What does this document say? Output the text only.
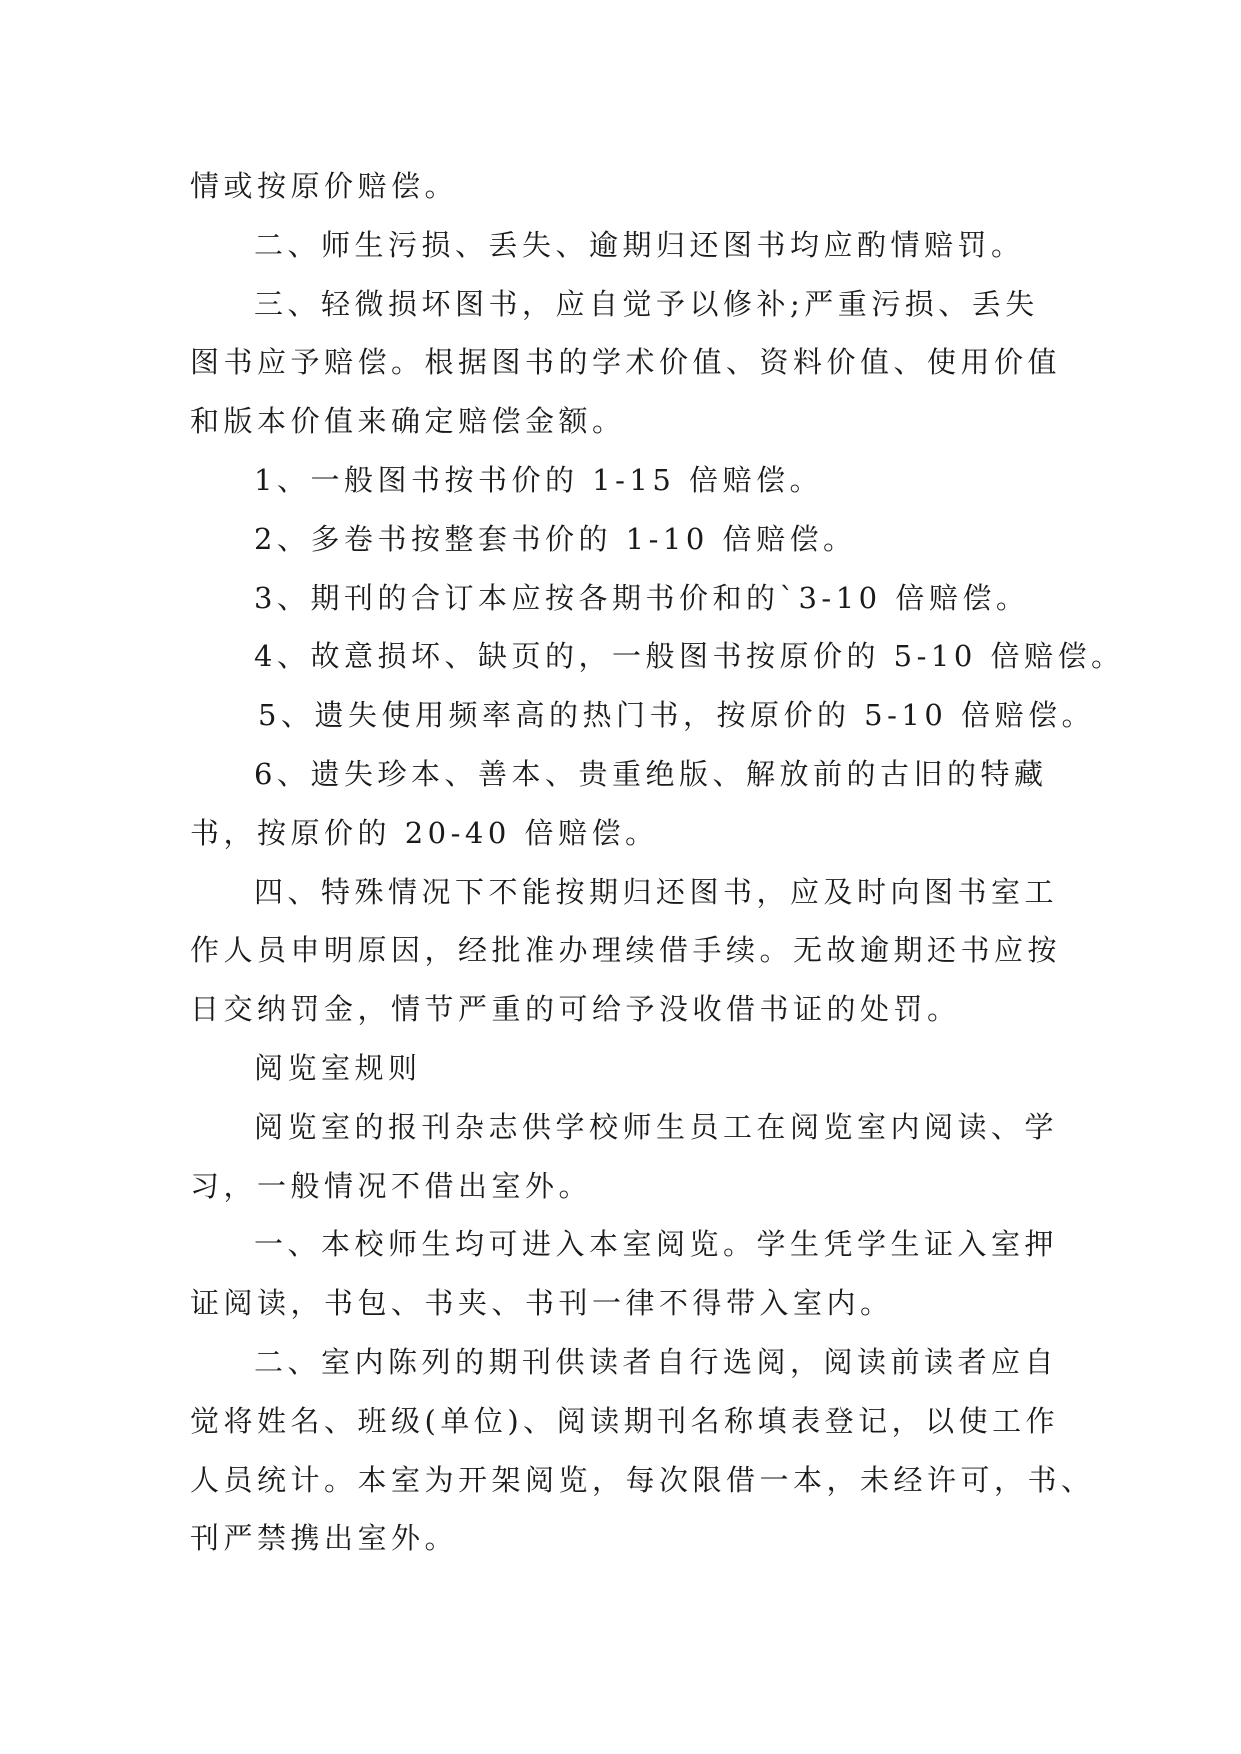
情或按原价赔偿。
二、师生污损、丢失、逾期归还图书均应酌情赔罚。
三、轻微损坏图书，应自觉予以修补;严重污损、丢失
图书应予赔偿。根据图书的学术价值、资料价值、使用价值
和版本价值来确定赔偿金额。
1、一般图书按书价的 1-15 倍赔偿。
2、多卷书按整套书价的 1-10 倍赔偿。
3、期刊的合订本应按各期书价和的`3-10 倍赔偿。
4、故意损坏、缺页的，一般图书按原价的 5-10 倍赔偿。
5、遗失使用频率高的热门书，按原价的 5-10 倍赔偿。
6、遗失珍本、善本、贵重绝版、解放前的古旧的特藏
书，按原价的 20-40 倍赔偿。
四、特殊情况下不能按期归还图书，应及时向图书室工
作人员申明原因，经批准办理续借手续。无故逾期还书应按
日交纳罚金，情节严重的可给予没收借书证的处罚。
阅览室规则
阅览室的报刊杂志供学校师生员工在阅览室内阅读、学
习，一般情况不借出室外。
一、本校师生均可进入本室阅览。学生凭学生证入室押
证阅读，书包、书夹、书刊一律不得带入室内。
二、室内陈列的期刊供读者自行选阅，阅读前读者应自
觉将姓名、班级(单位)、阅读期刊名称填表登记，以使工作
人员统计。本室为开架阅览，每次限借一本，未经许可，书、
刊严禁携出室外。
